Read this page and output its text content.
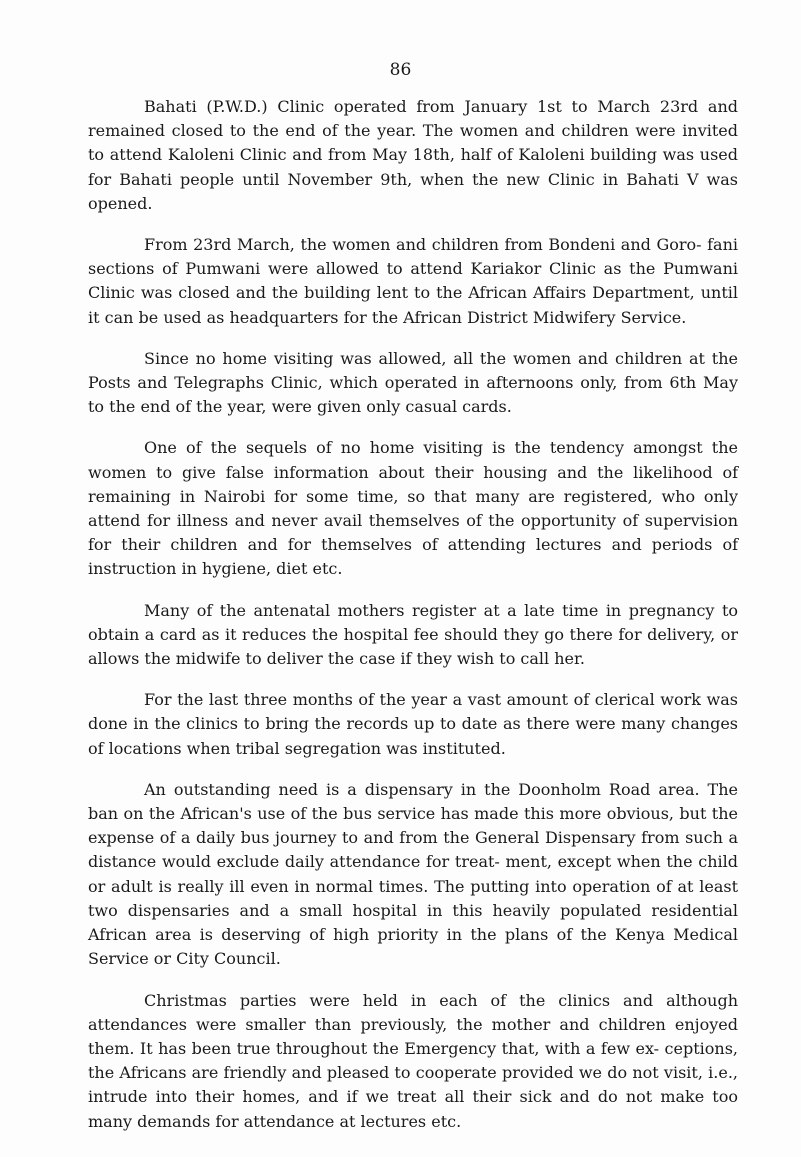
86

Bahati (P.W.D.) Clinic operated from January 1st to March 23rd and remained closed to the end of the year. The women and children were invited to attend Kaloleni Clinic and from May 18th, half of Kaloleni building was used for Bahati people until November 9th, when the new Clinic in Bahati V was opened.

From 23rd March, the women and children from Bondeni and Goro- fani sections of Pumwani were allowed to attend Kariakor Clinic as the Pumwani Clinic was closed and the building lent to the African Affairs Department, until it can be used as headquarters for the African District Midwifery Service.

Since no home visiting was allowed, all the women and children at the Posts and Telegraphs Clinic, which operated in afternoons only, from 6th May to the end of the year, were given only casual cards.

One of the sequels of no home visiting is the tendency amongst the women to give false information about their housing and the likelihood of remaining in Nairobi for some time, so that many are registered, who only attend for illness and never avail themselves of the opportunity of supervision for their children and for themselves of attending lectures and periods of instruction in hygiene, diet etc.

Many of the antenatal mothers register at a late time in pregnancy to obtain a card as it reduces the hospital fee should they go there for delivery, or allows the midwife to deliver the case if they wish to call her.

For the last three months of the year a vast amount of clerical work was done in the clinics to bring the records up to date as there were many changes of locations when tribal segregation was instituted.

An outstanding need is a dispensary in the Doonholm Road area. The ban on the African's use of the bus service has made this more obvious, but the expense of a daily bus journey to and from the General Dispensary from such a distance would exclude daily attendance for treat- ment, except when the child or adult is really ill even in normal times. The putting into operation of at least two dispensaries and a small hospital in this heavily populated residential African area is deserving of high priority in the plans of the Kenya Medical Service or City Council.

Christmas parties were held in each of the clinics and although attendances were smaller than previously, the mother and children enjoyed them. It has been true throughout the Emergency that, with a few ex- ceptions, the Africans are friendly and pleased to cooperate provided we do not visit, i.e., intrude into their homes, and if we treat all their sick and do not make too many demands for attendance at lectures etc.
